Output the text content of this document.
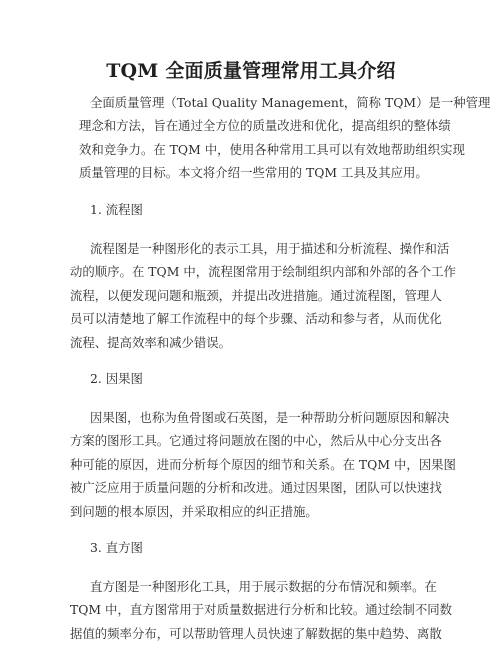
TQM 全面质量管理常用工具介绍
全面质量管理（Total Quality Management，简称 TQM）是一种管理
理念和方法，旨在通过全方位的质量改进和优化，提高组织的整体绩
效和竞争力。在 TQM 中，使用各种常用工具可以有效地帮助组织实现
质量管理的目标。本文将介绍一些常用的 TQM 工具及其应用。
1. 流程图
流程图是一种图形化的表示工具，用于描述和分析流程、操作和活
动的顺序。在 TQM 中，流程图常用于绘制组织内部和外部的各个工作
流程，以便发现问题和瓶颈，并提出改进措施。通过流程图，管理人
员可以清楚地了解工作流程中的每个步骤、活动和参与者，从而优化
流程、提高效率和减少错误。
2. 因果图
因果图，也称为鱼骨图或石英图，是一种帮助分析问题原因和解决
方案的图形工具。它通过将问题放在图的中心，然后从中心分支出各
种可能的原因，进而分析每个原因的细节和关系。在 TQM 中，因果图
被广泛应用于质量问题的分析和改进。通过因果图，团队可以快速找
到问题的根本原因，并采取相应的纠正措施。
3. 直方图
直方图是一种图形化工具，用于展示数据的分布情况和频率。在
TQM 中，直方图常用于对质量数据进行分析和比较。通过绘制不同数
据值的频率分布，可以帮助管理人员快速了解数据的集中趋势、离散
